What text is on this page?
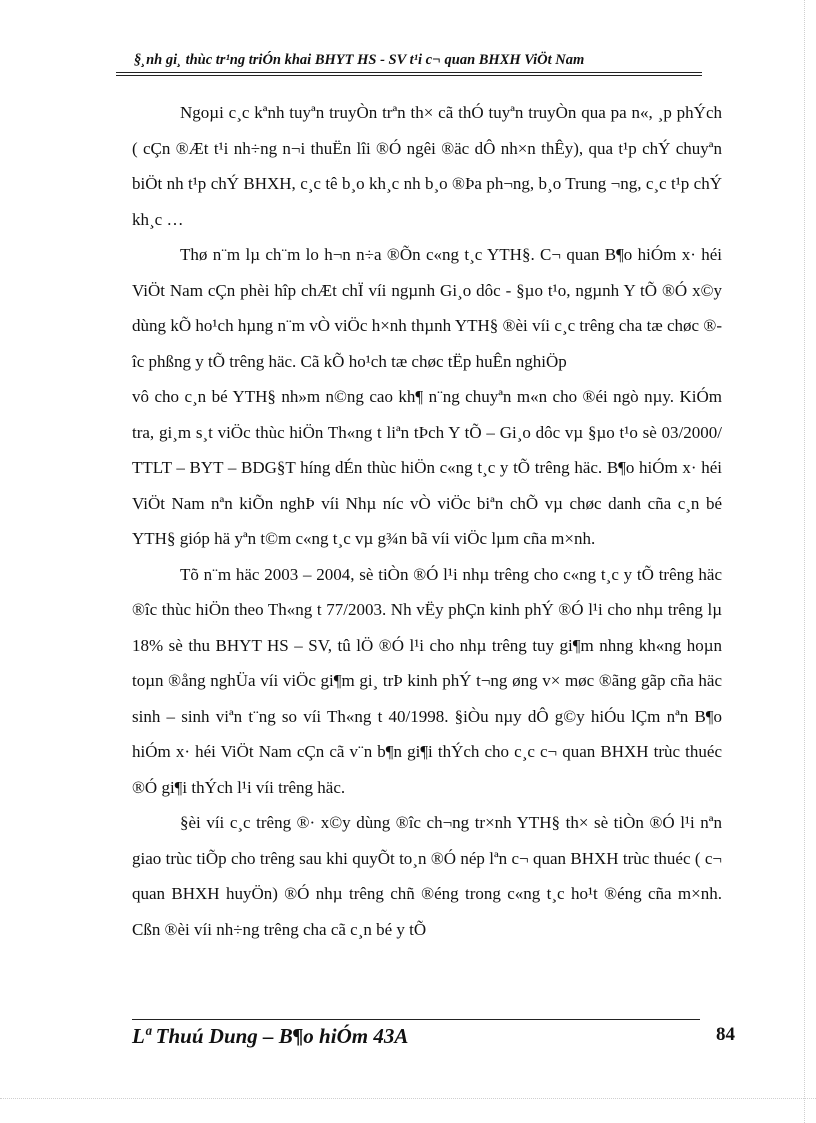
§¸nh gi¸ thùc tr¹ng triÓn khai BHYT HS - SV t¹i c¬ quan BHXH ViÖt Nam

Ngoµi c¸c kªnh tuyªn truyÒn trªn th× cã thÓ tuyªn truyÒn qua pa n«, ¸p phÝch ( cÇn ®Æt t¹i nh÷ng n¬i thuËn lîi ®Ó ngêi ®äc dÔ nh×n thÊy), qua t¹p chÝ chuyªn biÖt nh t¹p chÝ BHXH, c¸c tê b¸o kh¸c nh b¸o ®Þa ph¬ng, b¸o Trung ¬ng, c¸c t¹p chÝ kh¸c …

Thø n¨m lµ ch¨m lo h¬n n÷a ®Õn c«ng t¸c YTH§. C¬ quan B¶o hiÓm x· héi ViÖt Nam cÇn phèi hîp chÆt chÏ víi ngµnh Gi¸o dôc - §µo t¹o, ngµnh Y tÕ ®Ó x©y dùng kÕ ho¹ch hµng n¨m vÒ viÖc h×nh thµnh YTH§ ®èi víi c¸c trêng cha tæ chøc ®îc phßng y tÕ trêng häc. Cã kÕ ho¹ch tæ chøc tËp huÊn nghiÖp

vô cho c¸n bé YTH§ nh»m n©ng cao kh¶ n¨ng chuyªn m«n cho ®éi ngò nµy. KiÓm tra, gi¸m s¸t viÖc thùc hiÖn Th«ng t liªn tÞch Y tÕ – Gi¸o dôc vµ §µo t¹o sè 03/2000/ TTLT – BYT – BDG§T híng dÉn thùc hiÖn c«ng t¸c y tÕ trêng häc. B¶o hiÓm x· héi ViÖt Nam nªn kiÕn nghÞ víi Nhµ níc vÒ viÖc biªn chÕ vµ chøc danh cña c¸n bé YTH§ gióp hä yªn t©m c«ng t¸c vµ g¾n bã víi viÖc lµm cña m×nh.

Tõ n¨m häc 2003 – 2004, sè tiÒn ®Ó l¹i nhµ trêng cho c«ng t¸c y tÕ trêng häc ®îc thùc hiÖn theo Th«ng t 77/2003. Nh vËy phÇn kinh phÝ ®Ó l¹i cho nhµ trêng lµ 18% sè thu BHYT HS – SV, tû lÖ ®Ó l¹i cho nhµ trêng tuy gi¶m nhng kh«ng hoµn toµn ®ång nghÜa víi viÖc gi¶m gi¸ trÞ kinh phÝ t¬ng øng v× møc ®ãng gãp cña häc sinh – sinh viªn t¨ng so víi Th«ng t 40/1998. §iÒu nµy dÔ g©y hiÓu lÇm nªn B¶o hiÓm x· héi ViÖt Nam cÇn cã v¨n b¶n gi¶i thÝch cho c¸c c¬ quan BHXH trùc thuéc ®Ó gi¶i thÝch l¹i víi trêng häc.

§èi víi c¸c trêng ®· x©y dùng ®îc ch¬ng tr×nh YTH§ th× sè tiÒn ®Ó l¹i nªn giao trùc tiÕp cho trêng sau khi quyÕt to¸n ®Ó nép lªn c¬ quan BHXH trùc thuéc ( c¬ quan BHXH huyÖn) ®Ó nhµ trêng chñ ®éng trong c«ng t¸c ho¹t ®éng cña m×nh. Cßn ®èi víi nh÷ng trêng cha cã c¸n bé y tÕ

Lª Thuú Dung – B¶o hiÓm 43A	84
